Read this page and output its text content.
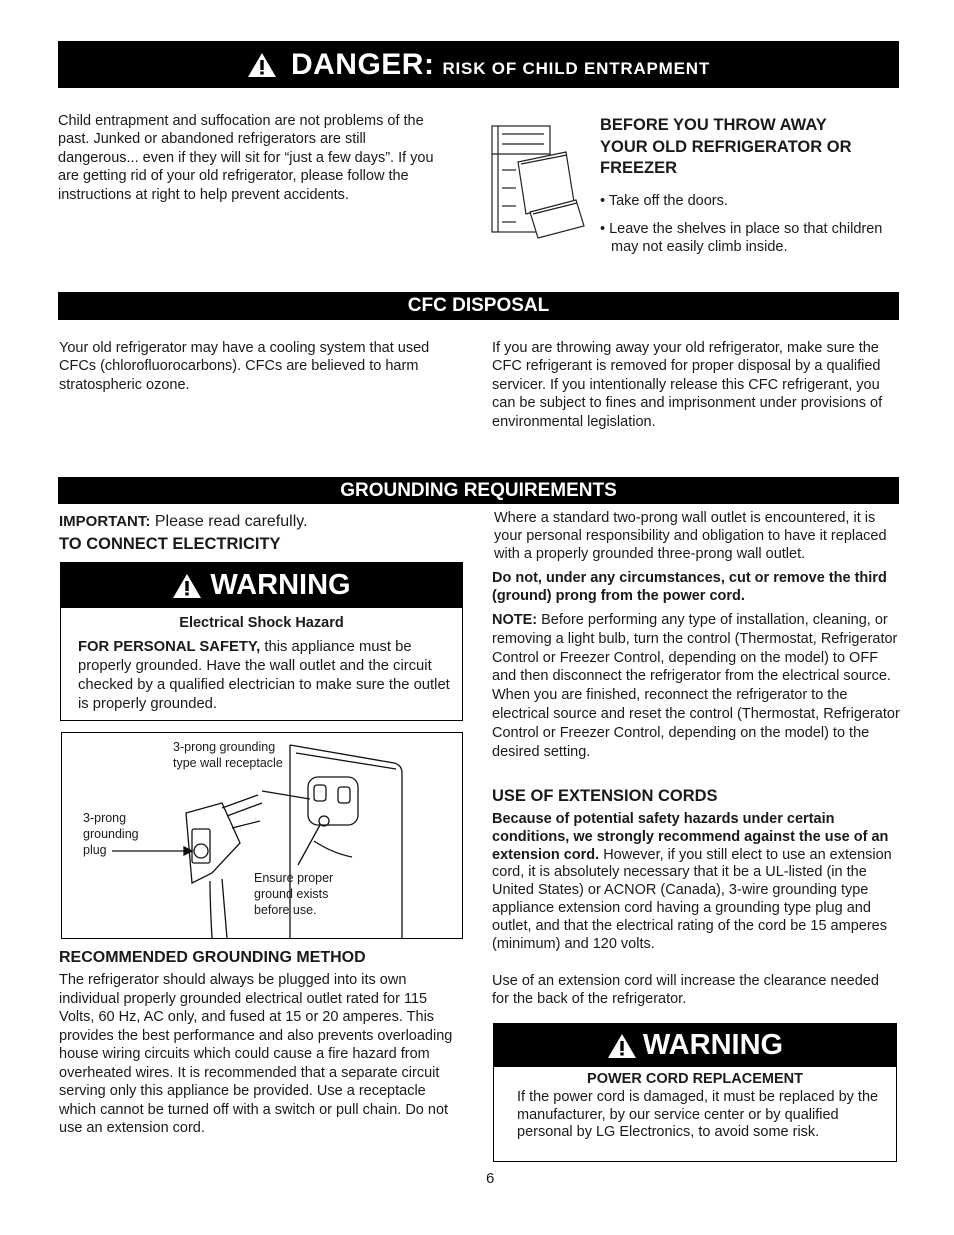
DANGER: RISK OF CHILD ENTRAPMENT
Child entrapment and suffocation are not problems of the past. Junked or abandoned refrigerators are still dangerous... even if they will sit for “just a few days”. If you are getting rid of your old refrigerator, please follow the instructions at right to help prevent accidents.
BEFORE YOU THROW AWAY YOUR OLD REFRIGERATOR OR FREEZER
• Take off the doors.
• Leave the shelves in place so that children may not easily climb inside.
CFC DISPOSAL
Your old refrigerator may have a cooling system that used CFCs (chlorofluorocarbons). CFCs are believed to harm stratospheric ozone.
If you are throwing away your old refrigerator, make sure the CFC refrigerant is removed for proper disposal by a qualified servicer. If you intentionally release this CFC refrigerant, you can be subject to fines and imprisonment under provisions of environmental legislation.
GROUNDING REQUIREMENTS
IMPORTANT: Please read carefully.
TO CONNECT ELECTRICITY
WARNING
Electrical Shock Hazard
FOR PERSONAL SAFETY, this appliance must be properly grounded. Have the wall outlet and the circuit checked by a qualified electrician to make sure the outlet is properly grounded.
3-prong grounding type wall receptacle
3-prong grounding plug
Ensure proper ground exists before use.
RECOMMENDED GROUNDING METHOD
The refrigerator should always be plugged into its own individual properly grounded electrical outlet rated for 115 Volts, 60 Hz, AC only, and fused at 15 or 20 amperes. This provides the best performance and also prevents overloading house wiring circuits which could cause a fire hazard from overheated wires. It is recommended that a separate circuit serving only this appliance be provided. Use a receptacle which cannot be turned off with a switch or pull chain. Do not use an extension cord.
Where a standard two-prong wall outlet is encountered, it is your personal responsibility and obligation to have it replaced with a properly grounded three-prong wall outlet.
Do not, under any circumstances, cut or remove the third (ground) prong from the power cord.
NOTE: Before performing any type of installation, cleaning, or removing a light bulb, turn the control (Thermostat, Refrigerator Control or Freezer Control, depending on the model) to OFF and then disconnect the refrigerator from the electrical source. When you are finished, reconnect the refrigerator to the electrical source and reset the control (Thermostat, Refrigerator Control or Freezer Control, depending on the model) to the desired setting.
USE OF EXTENSION CORDS
Because of potential safety hazards under certain conditions, we strongly recommend against the use of an extension cord. However, if you still elect to use an extension cord, it is absolutely necessary that it be a UL-listed (in the United States) or ACNOR (Canada), 3-wire grounding type appliance extension cord having a grounding type plug and outlet, and that the electrical rating of the cord be 15 amperes (minimum) and 120 volts.
Use of an extension cord will increase the clearance needed for the back of the refrigerator.
WARNING
POWER CORD REPLACEMENT
If the power cord is damaged, it must be replaced by the manufacturer, by our service center or by qualified personal by LG Electronics, to avoid some risk.
6
